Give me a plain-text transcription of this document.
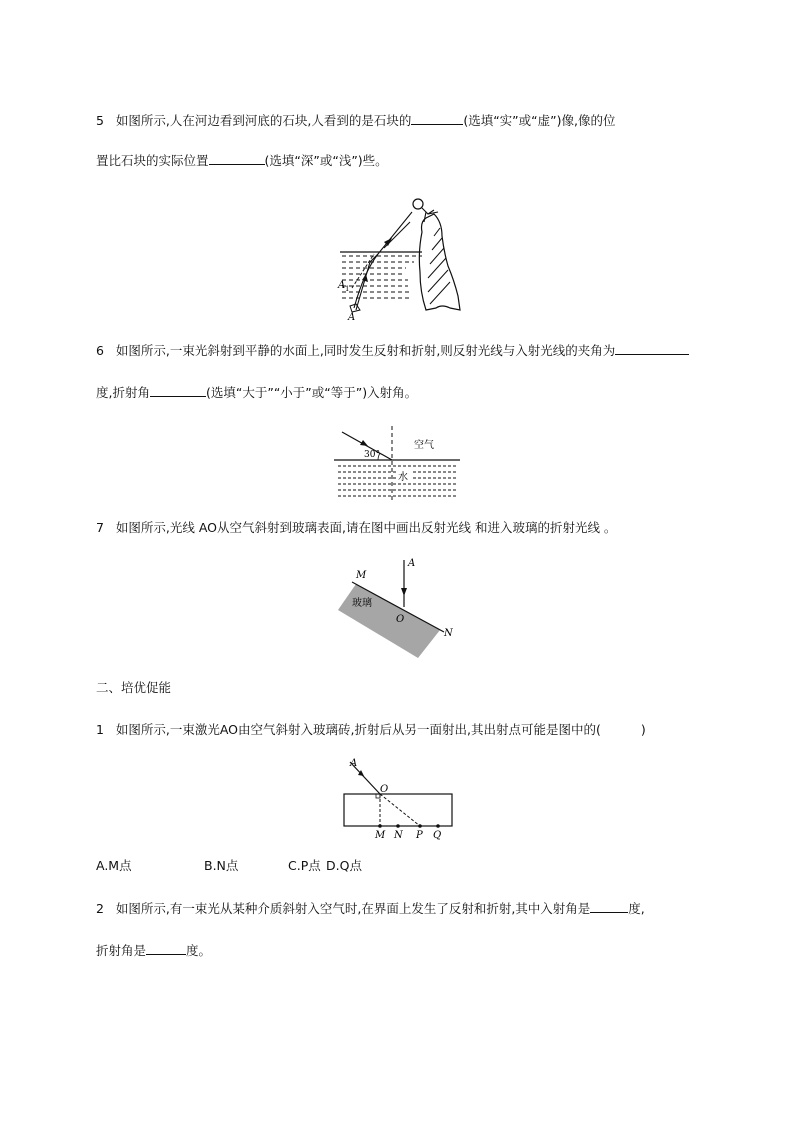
5 如图所示,人在河边看到河底的石块,人看到的是石块的	(选填“实”或“虚”)像,像的位
置比石块的实际位置	(选填“深”或“浅”)些。
A 1
A
6 如图所示,一束光斜射到平静的水面上,同时发生反射和折射,则反射光线与入射光线的夹角为
度,折射角	(选填“大于”“小于”或“等于”)入射角。
30°
空气
水
7 如图所示,光线 AO从空气斜射到玻璃表面,请在图中画出反射光线 和进入玻璃的折射光线 。
M
A
玻璃
O
N
二、培优促能
1 如图所示,一束激光AO由空气斜射入玻璃砖,折射后从另一面射出,其出射点可能是图中的(	)
A
O
M N P Q
A.M点	B.N点	C.P点 D.Q点
2 如图所示,有一束光从某种介质斜射入空气时,在界面上发生了反射和折射,其中入射角是	度,
折射角是	度。
